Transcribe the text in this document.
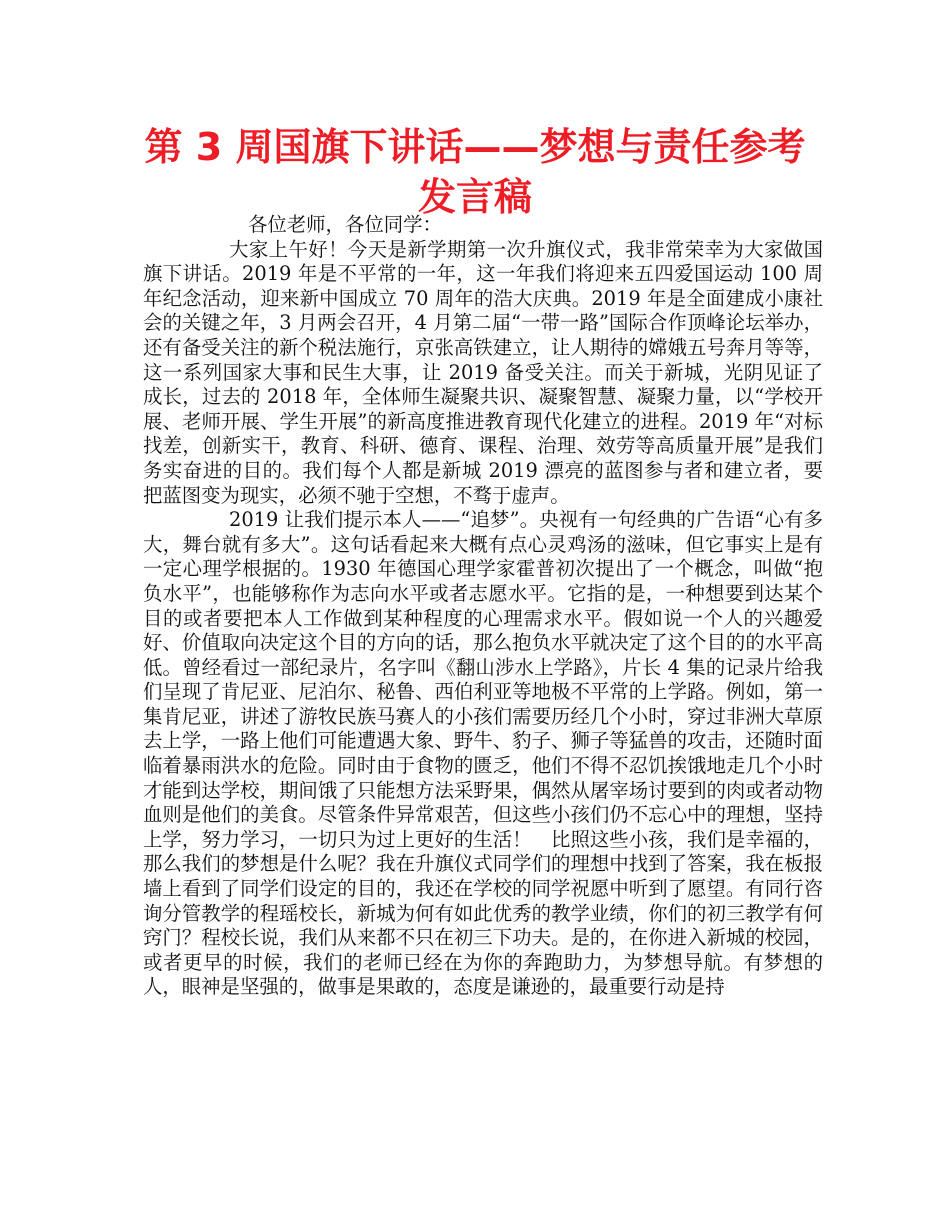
第 3 周国旗下讲话——梦想与责任参考发言稿

各位老师，各位同学：

大家上午好！今天是新学期第一次升旗仪式，我非常荣幸为大家做国旗下讲话。2019 年是不平常的一年，这一年我们将迎来五四爱国运动 100 周年纪念活动，迎来新中国成立 70 周年的浩大庆典。2019 年是全面建成小康社会的关键之年，3 月两会召开，4 月第二届“一带一路”国际合作顶峰论坛举办，还有备受关注的新个税法施行，京张高铁建立，让人期待的嫦娥五号奔月等等，这一系列国家大事和民生大事，让 2019 备受关注。而关于新城，光阴见证了成长，过去的 2018 年，全体师生凝聚共识、凝聚智慧、凝聚力量，以“学校开展、老师开展、学生开展”的新高度推进教育现代化建立的进程。2019 年“对标找差，创新实干，教育、科研、德育、课程、治理、效劳等高质量开展”是我们务实奋进的目的。我们每个人都是新城 2019 漂亮的蓝图参与者和建立者，要把蓝图变为现实，必须不驰于空想，不骛于虚声。

2019 让我们提示本人——“追梦”。央视有一句经典的广告语“心有多大，舞台就有多大”。这句话看起来大概有点心灵鸡汤的滋味，但它事实上是有一定心理学根据的。1930 年德国心理学家霍普初次提出了一个概念，叫做“抱负水平”，也能够称作为志向水平或者志愿水平。它指的是，一种想要到达某个目的或者要把本人工作做到某种程度的心理需求水平。假如说一个人的兴趣爱好、价值取向决定这个目的方向的话，那么抱负水平就决定了这个目的的水平高低。曾经看过一部纪录片，名字叫《翻山涉水上学路》，片长 4 集的记录片给我们呈现了肯尼亚、尼泊尔、秘鲁、西伯利亚等地极不平常的上学路。例如，第一集肯尼亚，讲述了游牧民族马赛人的小孩们需要历经几个小时，穿过非洲大草原去上学，一路上他们可能遭遇大象、野牛、豹子、狮子等猛兽的攻击，还随时面临着暴雨洪水的危险。同时由于食物的匮乏，他们不得不忍饥挨饿地走几个小时才能到达学校，期间饿了只能想方法采野果，偶然从屠宰场讨要到的肉或者动物血则是他们的美食。尽管条件异常艰苦，但这些小孩们仍不忘心中的理想，坚持上学，努力学习，一切只为过上更好的生活！　比照这些小孩，我们是幸福的，那么我们的梦想是什么呢？我在升旗仪式同学们的理想中找到了答案，我在板报墙上看到了同学们设定的目的，我还在学校的同学祝愿中听到了愿望。有同行咨询分管教学的程瑶校长，新城为何有如此优秀的教学业绩，你们的初三教学有何窍门？程校长说，我们从来都不只在初三下功夫。是的，在你进入新城的校园，或者更早的时候，我们的老师已经在为你的奔跑助力，为梦想导航。有梦想的人，眼神是坚强的，做事是果敢的，态度是谦逊的，最重要行动是持
